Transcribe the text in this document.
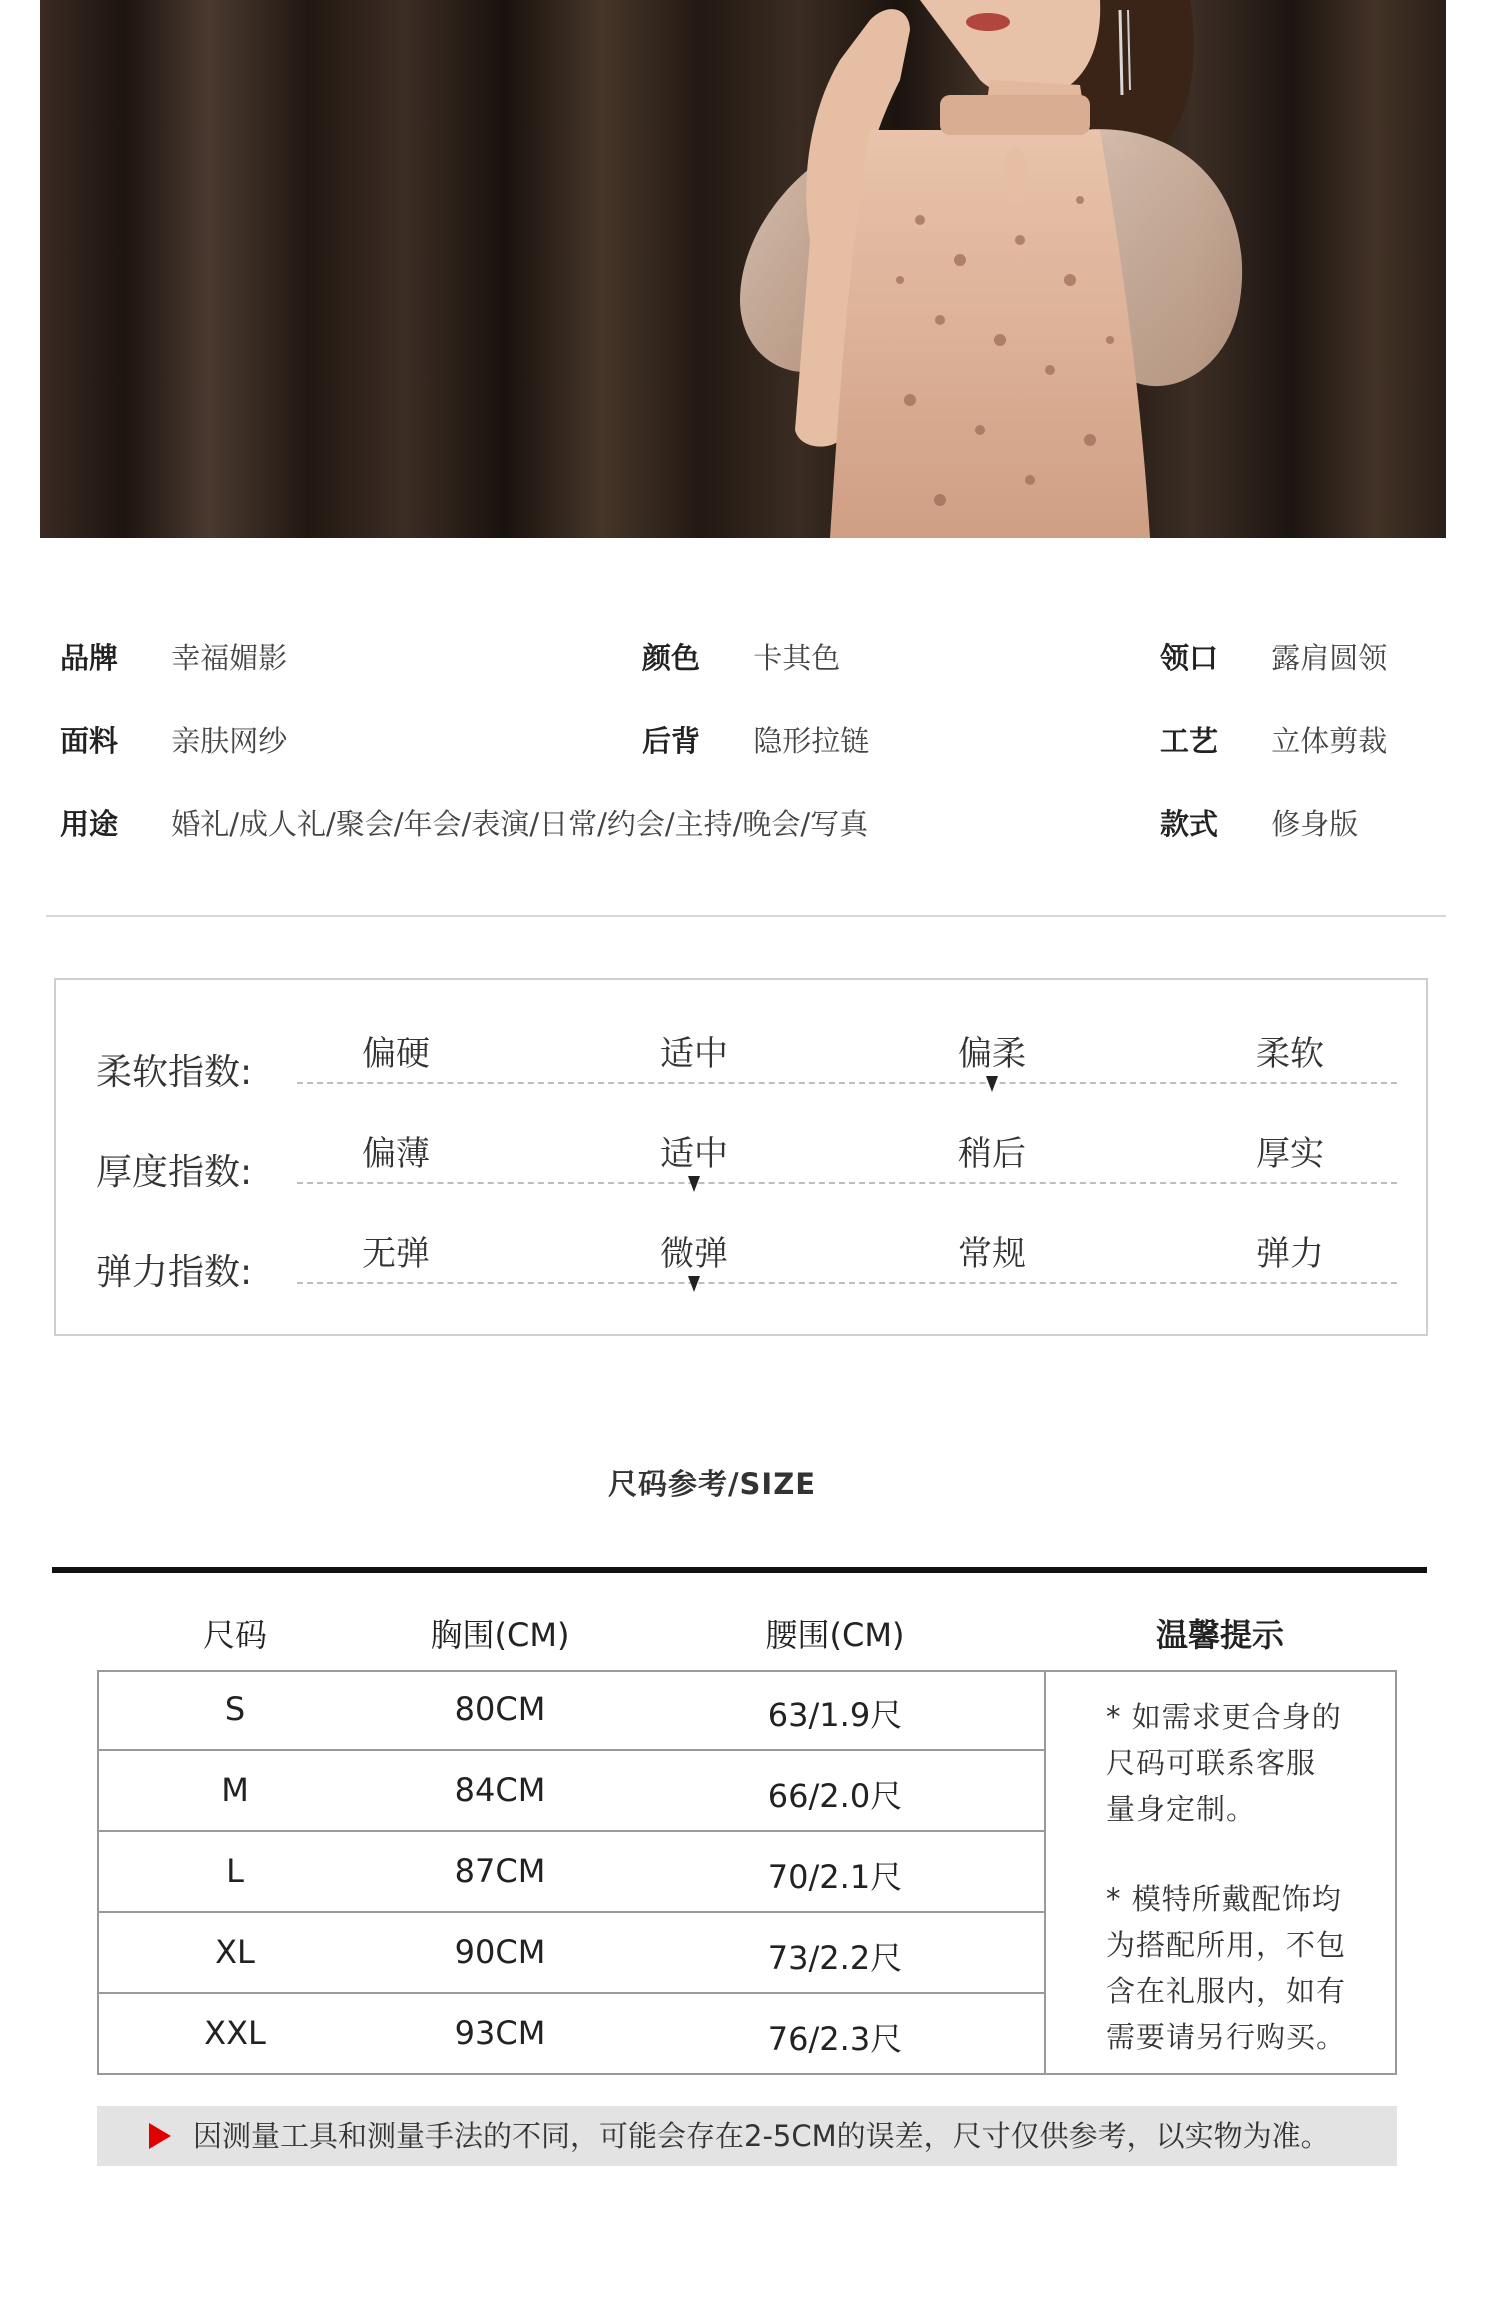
品牌 幸福媚影	颜色 卡其色	领口 露肩圆领
面料 亲肤网纱	后背 隐形拉链	工艺 立体剪裁
用途 婚礼/成人礼/聚会/年会/表演/日常/约会/主持/晚会/写真	款式 修身版
柔软指数:	偏硬	适中	偏柔	柔软
厚度指数:	偏薄	适中	稍后	厚实
弹力指数:	无弹	微弹	常规	弹力
尺码参考/SIZE
尺码	胸围(CM)	腰围(CM)	温馨提示
S	80CM	63/1.9尺
M	84CM	66/2.0尺
L	87CM	70/2.1尺
XL	90CM	73/2.2尺
XXL	93CM	76/2.3尺
* 如需求更合身的
尺码可联系客服
量身定制。
* 模特所戴配饰均
为搭配所用，不包
含在礼服内，如有
需要请另行购买。
因测量工具和测量手法的不同，可能会存在2-5CM的误差，尺寸仅供参考，以实物为准。
